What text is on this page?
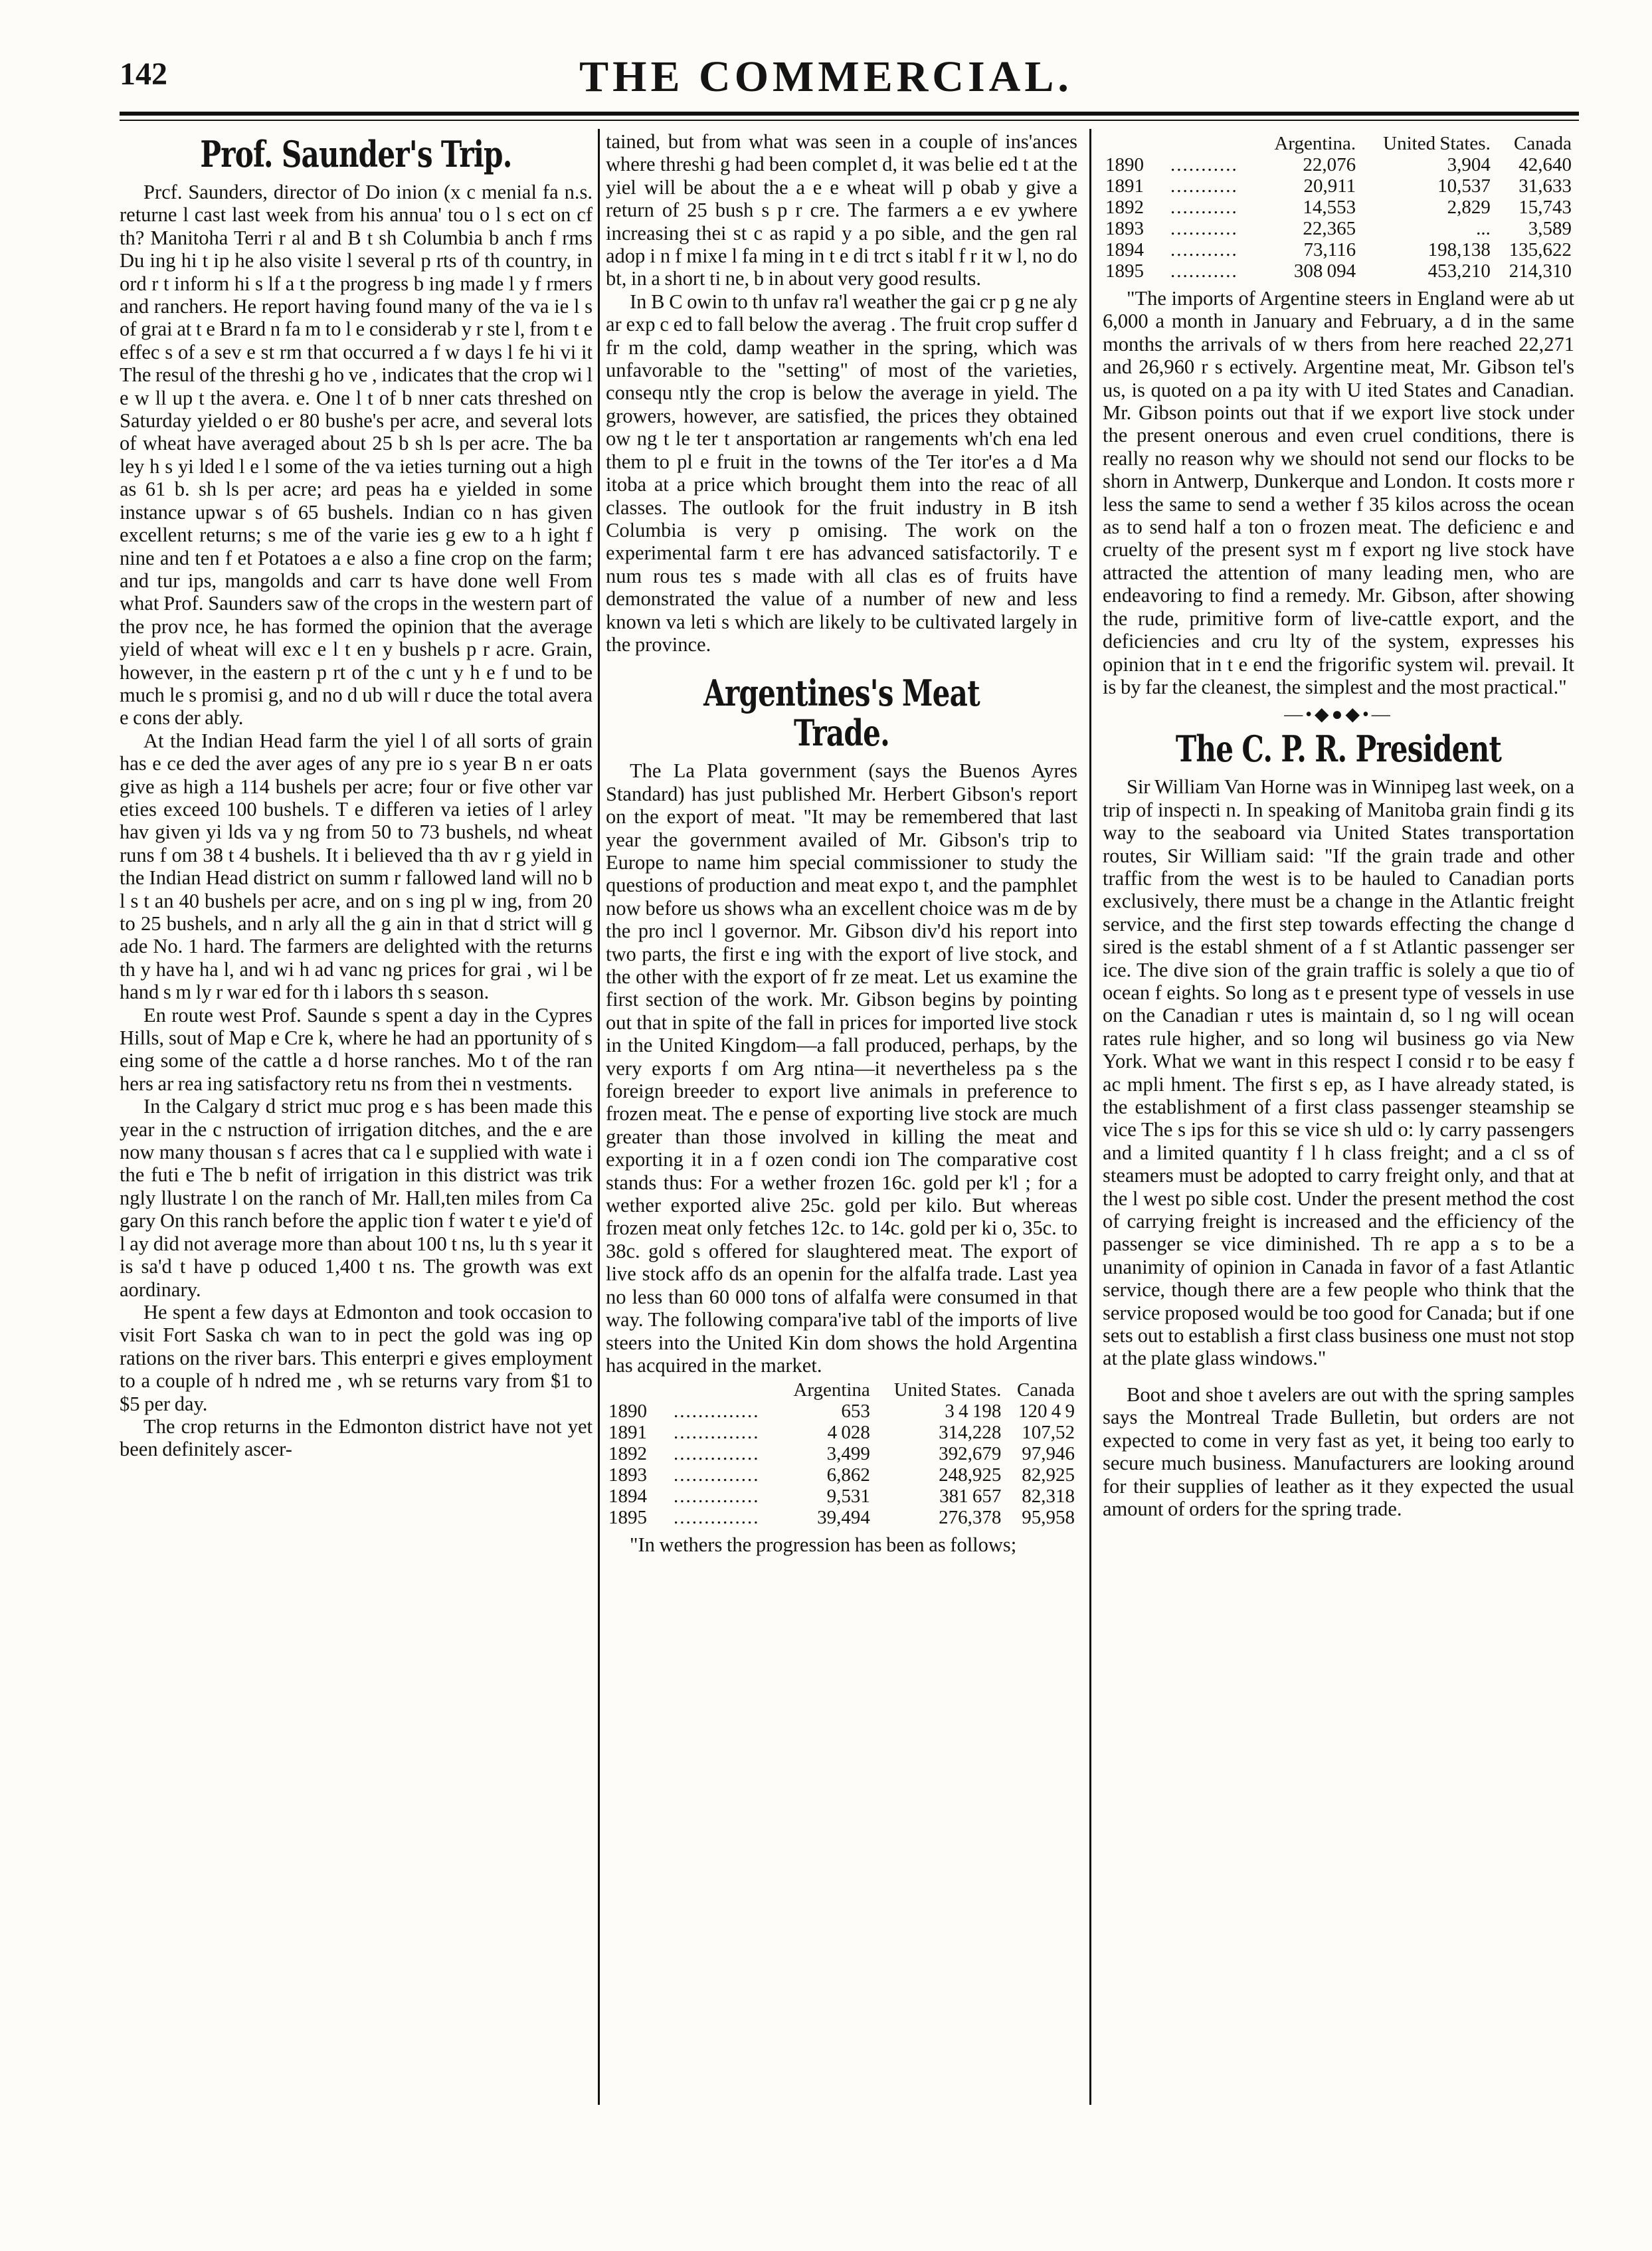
142	THE COMMERCIAL.
Prof. Saunder's Trip.

Prcf. Saunders, director of Do inion (x c menial fa n.s. returne l cast last week from his annua' tou o l s ect on cf th? Manitoha Terri r al and B t sh Columbia b anch f rms Du ing hi t ip he also visite l several p rts of th country, in ord r t inform hi s lf a t the progress b ing made l y f rmers and ranchers. He report having found many of the va ie l s of grai at t e Brard n fa m to l e considerab y r ste l, from t e effec s of a sev e st rm that occurred a f w days l fe hi vi it The resul of the threshi g ho ve , indicates that the crop wi l e w ll up t the avera. e. One l t of b nner cats threshed on Saturday yielded o er 80 bushe's per acre, and several lots of wheat have averaged about 25 b sh ls per acre. The ba ley h s yi lded l e l some of the va ieties turning out a high as 61 b. sh ls per acre; ard peas ha e yielded in some instance upwar s of 65 bushels. Indian co n has given excellent returns; s me of the varie ies g ew to a h ight f nine and ten f et Potatoes a e also a fine crop on the farm; and tur ips, mangolds and carr ts have done well From what Prof. Saunders saw of the crops in the western part of the prov nce, he has formed the opinion that the average yield of wheat will exc e l t en y bushels p r acre. Grain, however, in the eastern p rt of the c unt y h e f und to be much le s promisi g, and no d ub will r duce the total avera e cons der ably.

At the Indian Head farm the yiel l of all sorts of grain has e ce ded the aver ages of any pre io s year B n er oats give as high a 114 bushels per acre; four or five other var eties exceed 100 bushels. T e differen va ieties of l arley hav given yi lds va y ng from 50 to 73 bushels, nd wheat runs f om 38 t 4 bushels. It i believed tha th av r g yield in the Indian Head district on summ r fallowed land will no b l s t an 40 bushels per acre, and on s ing pl w ing, from 20 to 25 bushels, and n arly all the g ain in that d strict will g ade No. 1 hard. The farmers are delighted with the returns th y have ha l, and wi h ad vanc ng prices for grai , wi l be hand s m ly r war ed for th i labors th s season.

En route west Prof. Saunde s spent a day in the Cypres Hills, sout of Map e Cre k, where he had an pportunity of s eing some of the cattle a d horse ranches. Mo t of the ran hers ar rea ing satisfactory retu ns from thei n vestments.

In the Calgary d strict muc prog e s has been made this year in the c nstruction of irrigation ditches, and the e are now many thousan s f acres that ca l e supplied with wate i the futi e The b nefit of irrigation in this district was trik ngly llustrate l on the ranch of Mr. Hall,ten miles from Ca gary On this ranch before the applic tion f water t e yie'd of l ay did not average more than about 100 t ns, lu th s year it is sa'd t have p oduced 1,400 t ns. The growth was ext aordinary.

He spent a few days at Edmonton and took occasion to visit Fort Saska ch wan to in pect the gold was ing op rations on the river bars. This enterpri e gives employment to a couple of h ndred me , wh se returns vary from $1 to $5 per day.

The crop returns in the Edmonton district have not yet been definitely ascer-

tained, but from what was seen in a couple of ins'ances where threshi g had been complet d, it was belie ed t at the yiel will be about the a e e wheat will p obab y give a return of 25 bush s p r cre. The farmers a e ev ywhere increasing thei st c as rapid y a po sible, and the gen ral adop i n f mixe l fa ming in t e di trct s itabl f r it w l, no do bt, in a short ti ne, b in about very good results.

In B C owin to th unfav ra'l weather the gai cr p g ne aly ar exp c ed to fall below the averag . The fruit crop suffer d fr m the cold, damp weather in the spring, which was unfavorable to the "setting" of most of the varieties, consequ ntly the crop is below the average in yield. The growers, however, are satisfied, the prices they obtained ow ng t le ter t ansportation ar rangements wh'ch ena led them to pl e fruit in the towns of the Ter itor'es a d Ma itoba at a price which brought them into the reac of all classes. The outlook for the fruit industry in B itsh Columbia is very p omising. The work on the experimental farm t ere has advanced satisfactorily. T e num rous tes s made with all clas es of fruits have demonstrated the value of a number of new and less known va leti s which are likely to be cultivated largely in the province.

Argentines's Meat Trade.

The La Plata government (says the Buenos Ayres Standard) has just published Mr. Herbert Gibson's report on the export of meat. "It may be remembered that last year the government availed of Mr. Gibson's trip to Europe to name him special commissioner to study the questions of production and meat expo t, and the pamphlet now before us shows wha an excellent choice was m de by the pro incl l governor. Mr. Gibson div'd his report into two parts, the first e ing with the export of live stock, and the other with the export of fr ze meat. Let us examine the first section of the work. Mr. Gibson begins by pointing out that in spite of the fall in prices for imported live stock in the United Kingdom—a fall produced, perhaps, by the very exports f om Arg ntina—it nevertheless pa s the foreign breeder to export live animals in preference to frozen meat. The e pense of exporting live stock are much greater than those involved in killing the meat and exporting it in a f ozen condi ion The comparative cost stands thus: For a wether frozen 16c. gold per k'l ; for a wether exported alive 25c. gold per kilo. But whereas frozen meat only fetches 12c. to 14c. gold per ki o, 35c. to 38c. gold s offered for slaughtered meat. The export of live stock affo ds an openin for the alfalfa trade. Last yea no less than 60 000 tons of alfalfa were consumed in that way. The following compara'ive tabl of the imports of live steers into the United Kin dom shows the hold Argentina has acquired in the market.

		Argentina	United States.	Canada
1890	..............	653	3 4 198	120 4 9
1891	..............	4 028	314,228	107,52
1892	..............	3,499	392,679	97,946
1893	..............	6,862	248,925	82,925
1894	..............	9,531	381 657	82,318
1895	..............	39,494	276,378	95,958

"In wethers the progression has been as follows;

		Argentina.	United States.	Canada
1890	...........	22,076	3,904	42,640
1891	...........	20,911	10,537	31,633
1892	...........	14,553	2,829	15,743
1893	...........	22,365	...	3,589
1894	...........	73,116	198,138	135,622
1895	...........	308 094	453,210	214,310

"The imports of Argentine steers in England were ab ut 6,000 a month in January and February, a d in the same months the arrivals of w thers from here reached 22,271 and 26,960 r s ectively. Argentine meat, Mr. Gibson tel's us, is quoted on a pa ity with U ited States and Canadian. Mr. Gibson points out that if we export live stock under the present onerous and even cruel conditions, there is really no reason why we should not send our flocks to be shorn in Antwerp, Dunkerque and London. It costs more r less the same to send a wether f 35 kilos across the ocean as to send half a ton o frozen meat. The deficienc e and cruelty of the present syst m f export ng live stock have attracted the attention of many leading men, who are endeavoring to find a remedy. Mr. Gibson, after showing the rude, primitive form of live-cattle export, and the deficiencies and cru lty of the system, expresses his opinion that in t e end the frigorific system wil. prevail. It is by far the cleanest, the simplest and the most practical."

—•◆●◆•—
The C. P. R. President

Sir William Van Horne was in Winnipeg last week, on a trip of inspecti n. In speaking of Manitoba grain findi g its way to the seaboard via United States transportation routes, Sir William said: "If the grain trade and other traffic from the west is to be hauled to Canadian ports exclusively, there must be a change in the Atlantic freight service, and the first step towards effecting the change d sired is the establ shment of a f st Atlantic passenger ser ice. The dive sion of the grain traffic is solely a que tio of ocean f eights. So long as t e present type of vessels in use on the Canadian r utes is maintain d, so l ng will ocean rates rule higher, and so long wil business go via New York. What we want in this respect I consid r to be easy f ac mpli hment. The first s ep, as I have already stated, is the establishment of a first class passenger steamship se vice The s ips for this se vice sh uld o: ly carry passengers and a limited quantity f l h class freight; and a cl ss of steamers must be adopted to carry freight only, and that at the l west po sible cost. Under the present method the cost of carrying freight is increased and the efficiency of the passenger se vice diminished. Th re app a s to be a unanimity of opinion in Canada in favor of a fast Atlantic service, though there are a few people who think that the service proposed would be too good for Canada; but if one sets out to establish a first class business one must not stop at the plate glass windows."

Boot and shoe t avelers are out with the spring samples says the Montreal Trade Bulletin, but orders are not expected to come in very fast as yet, it being too early to secure much business. Manufacturers are looking around for their supplies of leather as it they expected the usual amount of orders for the spring trade.
